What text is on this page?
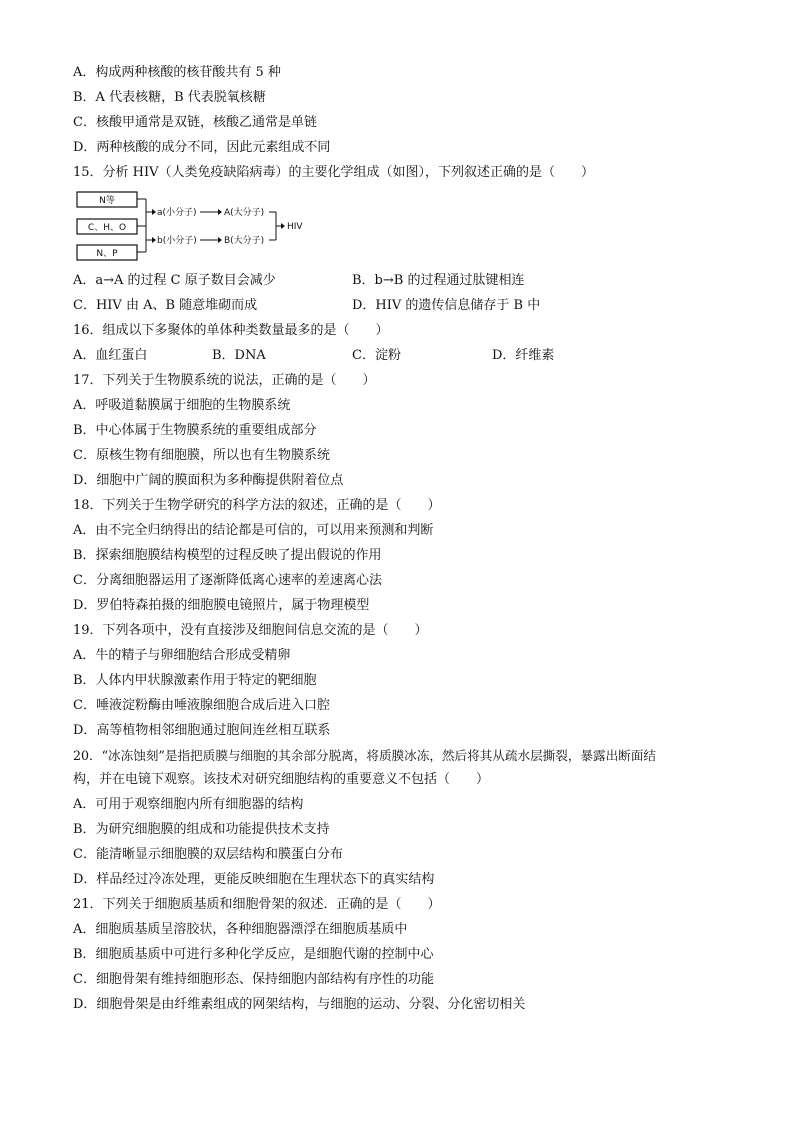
A．构成两种核酸的核苷酸共有 5 种
B．A 代表核糖，B 代表脱氧核糖
C．核酸甲通常是双链，核酸乙通常是单链
D．两种核酸的成分不同，因此元素组成不同
15．分析 HIV（人类免疫缺陷病毒）的主要化学组成（如图），下列叙述正确的是（　　）
N等
C、H、O
N、P
a(小分子)
b(小分子)
A(大分子)
B(大分子)
HIV
A．a→A 的过程 C 原子数目会减少	B．b→B 的过程通过肽键相连
C．HIV 由 A、B 随意堆砌而成	D．HIV 的遗传信息储存于 B 中
16．组成以下多聚体的单体种类数量最多的是（　　）
A．血红蛋白	B．DNA	C．淀粉	D．纤维素
17．下列关于生物膜系统的说法，正确的是（　　）
A．呼吸道黏膜属于细胞的生物膜系统
B．中心体属于生物膜系统的重要组成部分
C．原核生物有细胞膜，所以也有生物膜系统
D．细胞中广阔的膜面积为多种酶提供附着位点
18．下列关于生物学研究的科学方法的叙述，正确的是（　　）
A．由不完全归纳得出的结论都是可信的，可以用来预测和判断
B．探索细胞膜结构模型的过程反映了提出假说的作用
C．分离细胞器运用了逐渐降低离心速率的差速离心法
D．罗伯特森拍摄的细胞膜电镜照片，属于物理模型
19．下列各项中，没有直接涉及细胞间信息交流的是（　　）
A．牛的精子与卵细胞结合形成受精卵
B．人体内甲状腺激素作用于特定的靶细胞
C．唾液淀粉酶由唾液腺细胞合成后进入口腔
D．高等植物相邻细胞通过胞间连丝相互联系
20．“冰冻蚀刻”是指把质膜与细胞的其余部分脱离，将质膜冰冻，然后将其从疏水层撕裂，暴露出断面结
构，并在电镜下观察。该技术对研究细胞结构的重要意义不包括（　　）
A．可用于观察细胞内所有细胞器的结构
B．为研究细胞膜的组成和功能提供技术支持
C．能清晰显示细胞膜的双层结构和膜蛋白分布
D．样品经过冷冻处理，更能反映细胞在生理状态下的真实结构
21．下列关于细胞质基质和细胞骨架的叙述．正确的是（　　）
A．细胞质基质呈溶胶状，各种细胞器漂浮在细胞质基质中
B．细胞质基质中可进行多种化学反应，是细胞代谢的控制中心
C．细胞骨架有维持细胞形态、保持细胞内部结构有序性的功能
D．细胞骨架是由纤维素组成的网架结构，与细胞的运动、分裂、分化密切相关
